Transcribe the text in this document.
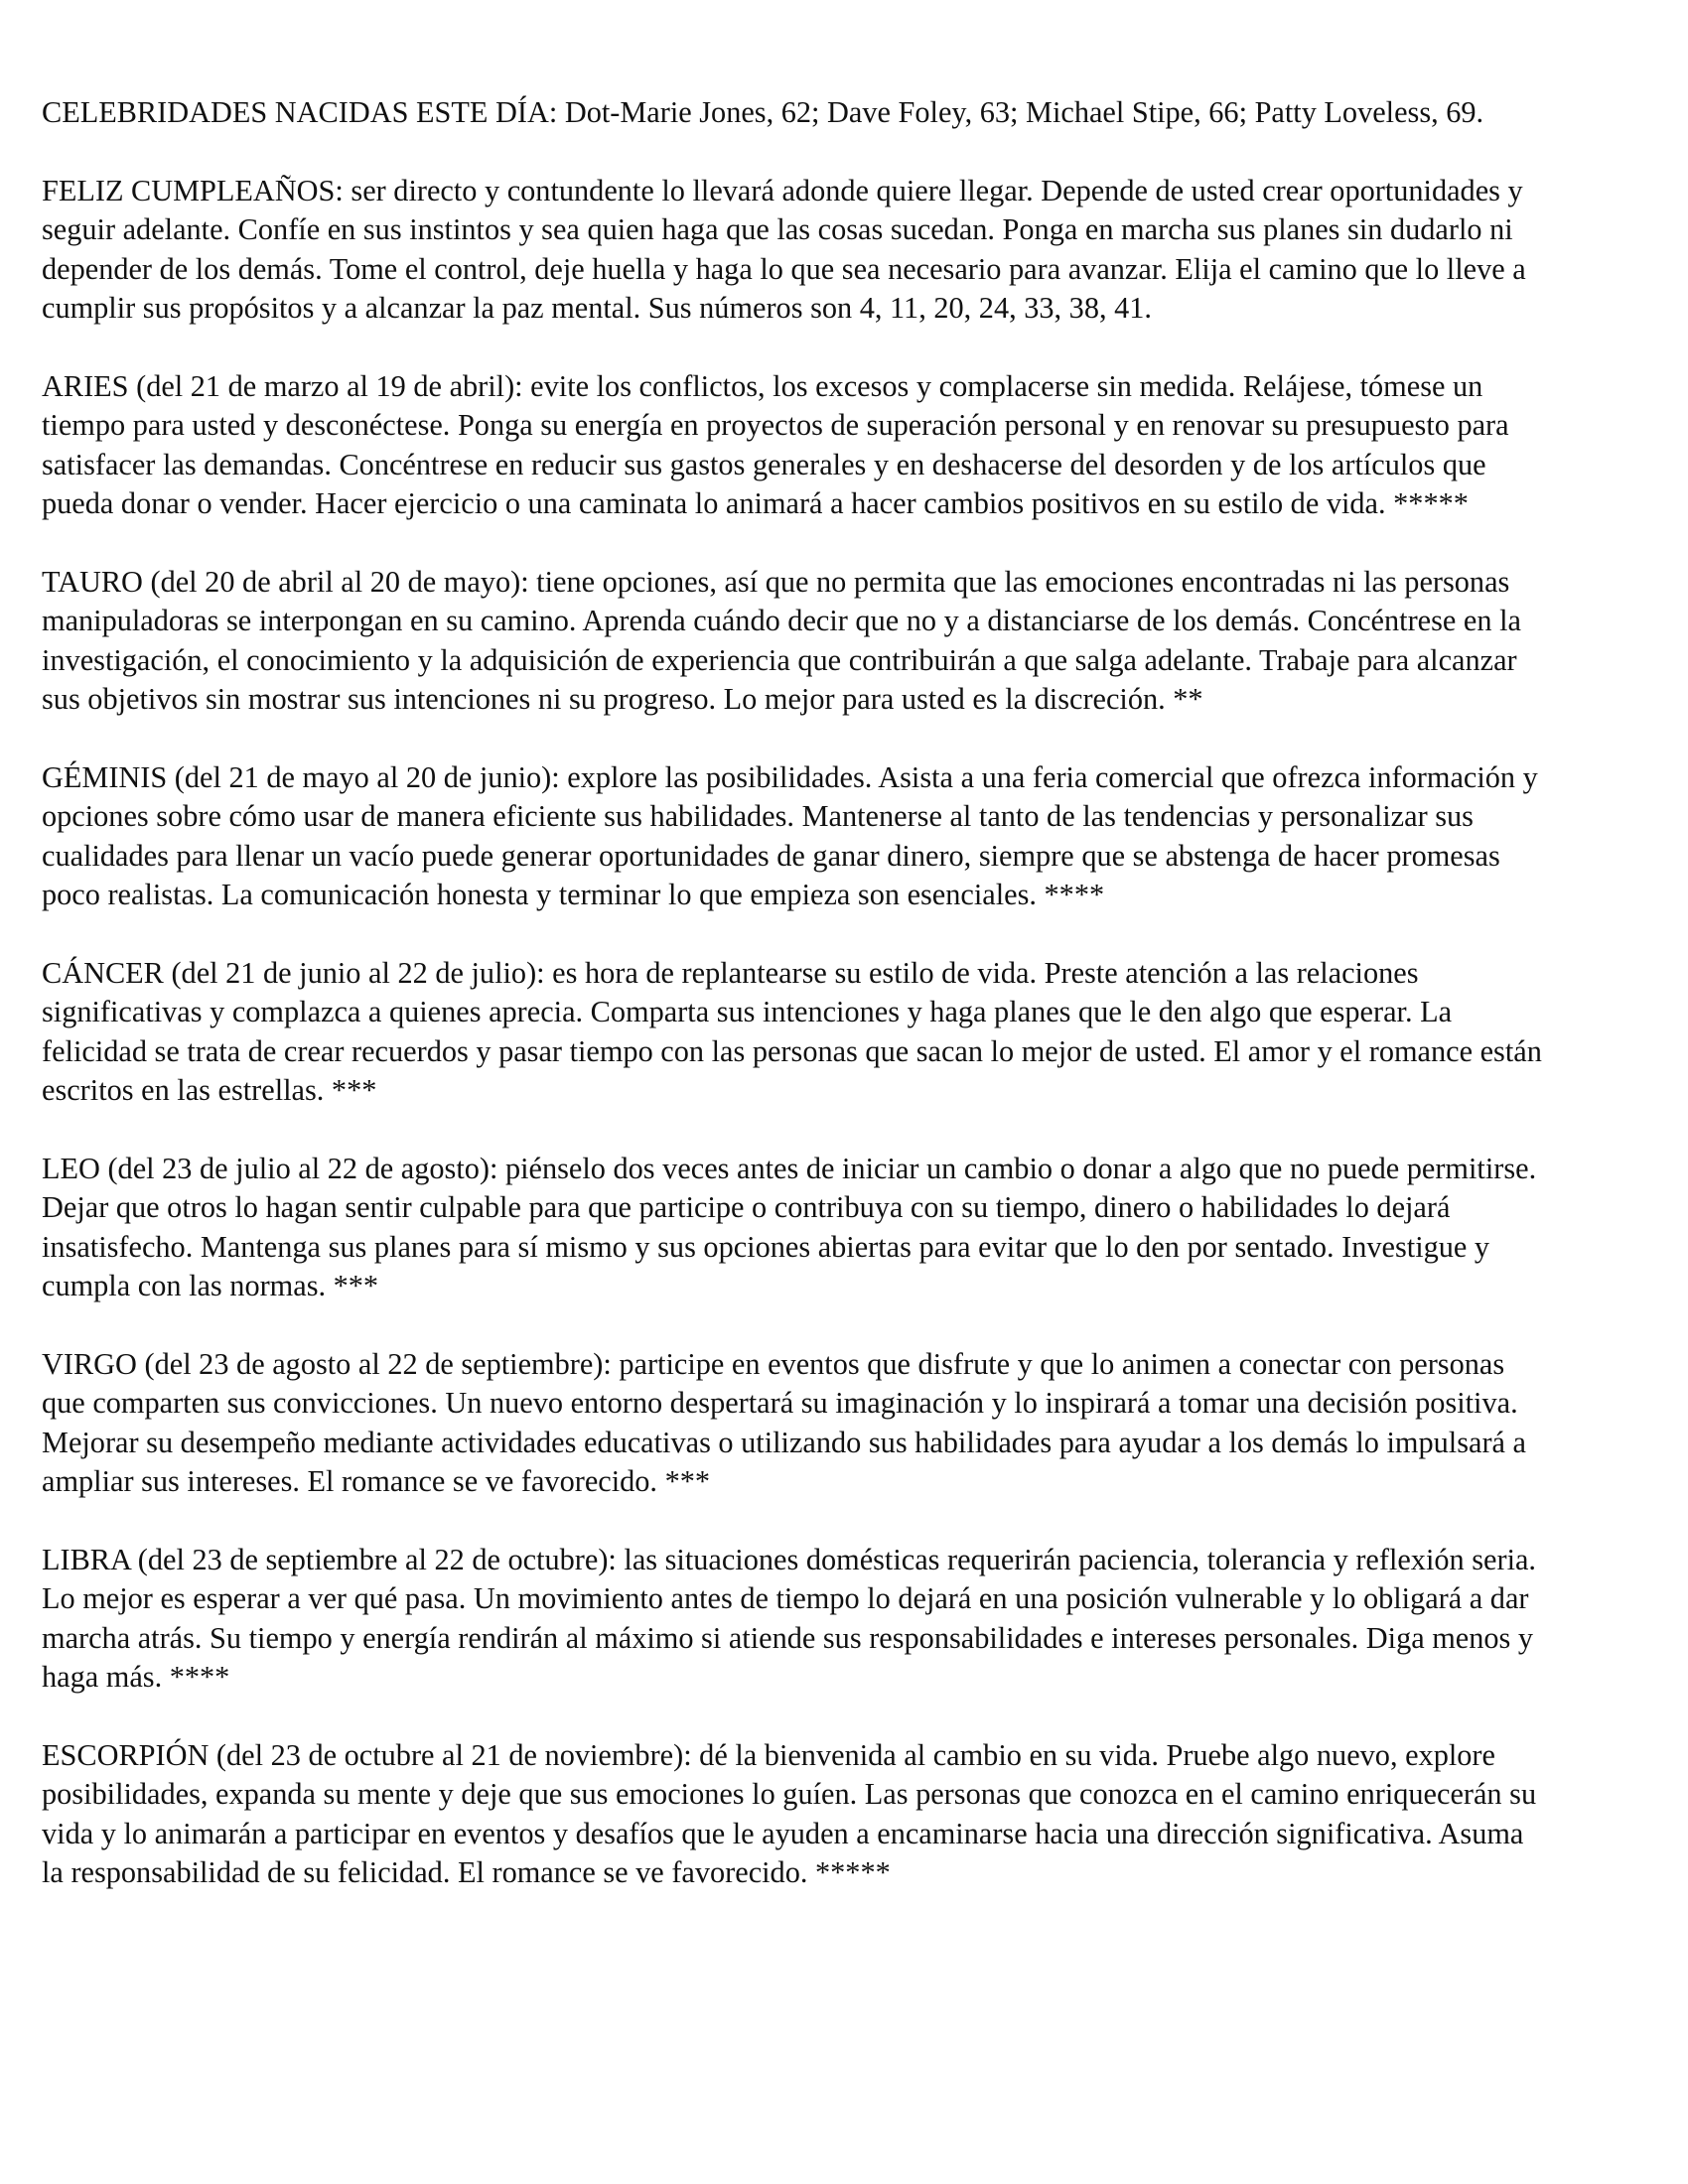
CELEBRIDADES NACIDAS ESTE DÍA: Dot-Marie Jones, 62; Dave Foley, 63; Michael Stipe, 66; Patty Loveless, 69.

FELIZ CUMPLEAÑOS: ser directo y contundente lo llevará adonde quiere llegar. Depende de usted crear oportunidades y seguir adelante. Confíe en sus instintos y sea quien haga que las cosas sucedan. Ponga en marcha sus planes sin dudarlo ni depender de los demás. Tome el control, deje huella y haga lo que sea necesario para avanzar. Elija el camino que lo lleve a cumplir sus propósitos y a alcanzar la paz mental. Sus números son 4, 11, 20, 24, 33, 38, 41.

ARIES (del 21 de marzo al 19 de abril): evite los conflictos, los excesos y complacerse sin medida. Relájese, tómese un tiempo para usted y desconéctese. Ponga su energía en proyectos de superación personal y en renovar su presupuesto para satisfacer las demandas. Concéntrese en reducir sus gastos generales y en deshacerse del desorden y de los artículos que pueda donar o vender. Hacer ejercicio o una caminata lo animará a hacer cambios positivos en su estilo de vida. *****

TAURO (del 20 de abril al 20 de mayo): tiene opciones, así que no permita que las emociones encontradas ni las personas manipuladoras se interpongan en su camino. Aprenda cuándo decir que no y a distanciarse de los demás. Concéntrese en la investigación, el conocimiento y la adquisición de experiencia que contribuirán a que salga adelante. Trabaje para alcanzar sus objetivos sin mostrar sus intenciones ni su progreso. Lo mejor para usted es la discreción. **

GÉMINIS (del 21 de mayo al 20 de junio): explore las posibilidades. Asista a una feria comercial que ofrezca información y opciones sobre cómo usar de manera eficiente sus habilidades. Mantenerse al tanto de las tendencias y personalizar sus cualidades para llenar un vacío puede generar oportunidades de ganar dinero, siempre que se abstenga de hacer promesas poco realistas. La comunicación honesta y terminar lo que empieza son esenciales. ****

CÁNCER (del 21 de junio al 22 de julio): es hora de replantearse su estilo de vida. Preste atención a las relaciones significativas y complazca a quienes aprecia. Comparta sus intenciones y haga planes que le den algo que esperar. La felicidad se trata de crear recuerdos y pasar tiempo con las personas que sacan lo mejor de usted. El amor y el romance están escritos en las estrellas. ***

LEO (del 23 de julio al 22 de agosto): piénselo dos veces antes de iniciar un cambio o donar a algo que no puede permitirse. Dejar que otros lo hagan sentir culpable para que participe o contribuya con su tiempo, dinero o habilidades lo dejará insatisfecho. Mantenga sus planes para sí mismo y sus opciones abiertas para evitar que lo den por sentado. Investigue y cumpla con las normas. ***

VIRGO (del 23 de agosto al 22 de septiembre): participe en eventos que disfrute y que lo animen a conectar con personas que comparten sus convicciones. Un nuevo entorno despertará su imaginación y lo inspirará a tomar una decisión positiva. Mejorar su desempeño mediante actividades educativas o utilizando sus habilidades para ayudar a los demás lo impulsará a ampliar sus intereses. El romance se ve favorecido. ***

LIBRA (del 23 de septiembre al 22 de octubre): las situaciones domésticas requerirán paciencia, tolerancia y reflexión seria. Lo mejor es esperar a ver qué pasa. Un movimiento antes de tiempo lo dejará en una posición vulnerable y lo obligará a dar marcha atrás. Su tiempo y energía rendirán al máximo si atiende sus responsabilidades e intereses personales. Diga menos y haga más. ****

ESCORPIÓN (del 23 de octubre al 21 de noviembre): dé la bienvenida al cambio en su vida. Pruebe algo nuevo, explore posibilidades, expanda su mente y deje que sus emociones lo guíen. Las personas que conozca en el camino enriquecerán su vida y lo animarán a participar en eventos y desafíos que le ayuden a encaminarse hacia una dirección significativa. Asuma la responsabilidad de su felicidad. El romance se ve favorecido. *****
